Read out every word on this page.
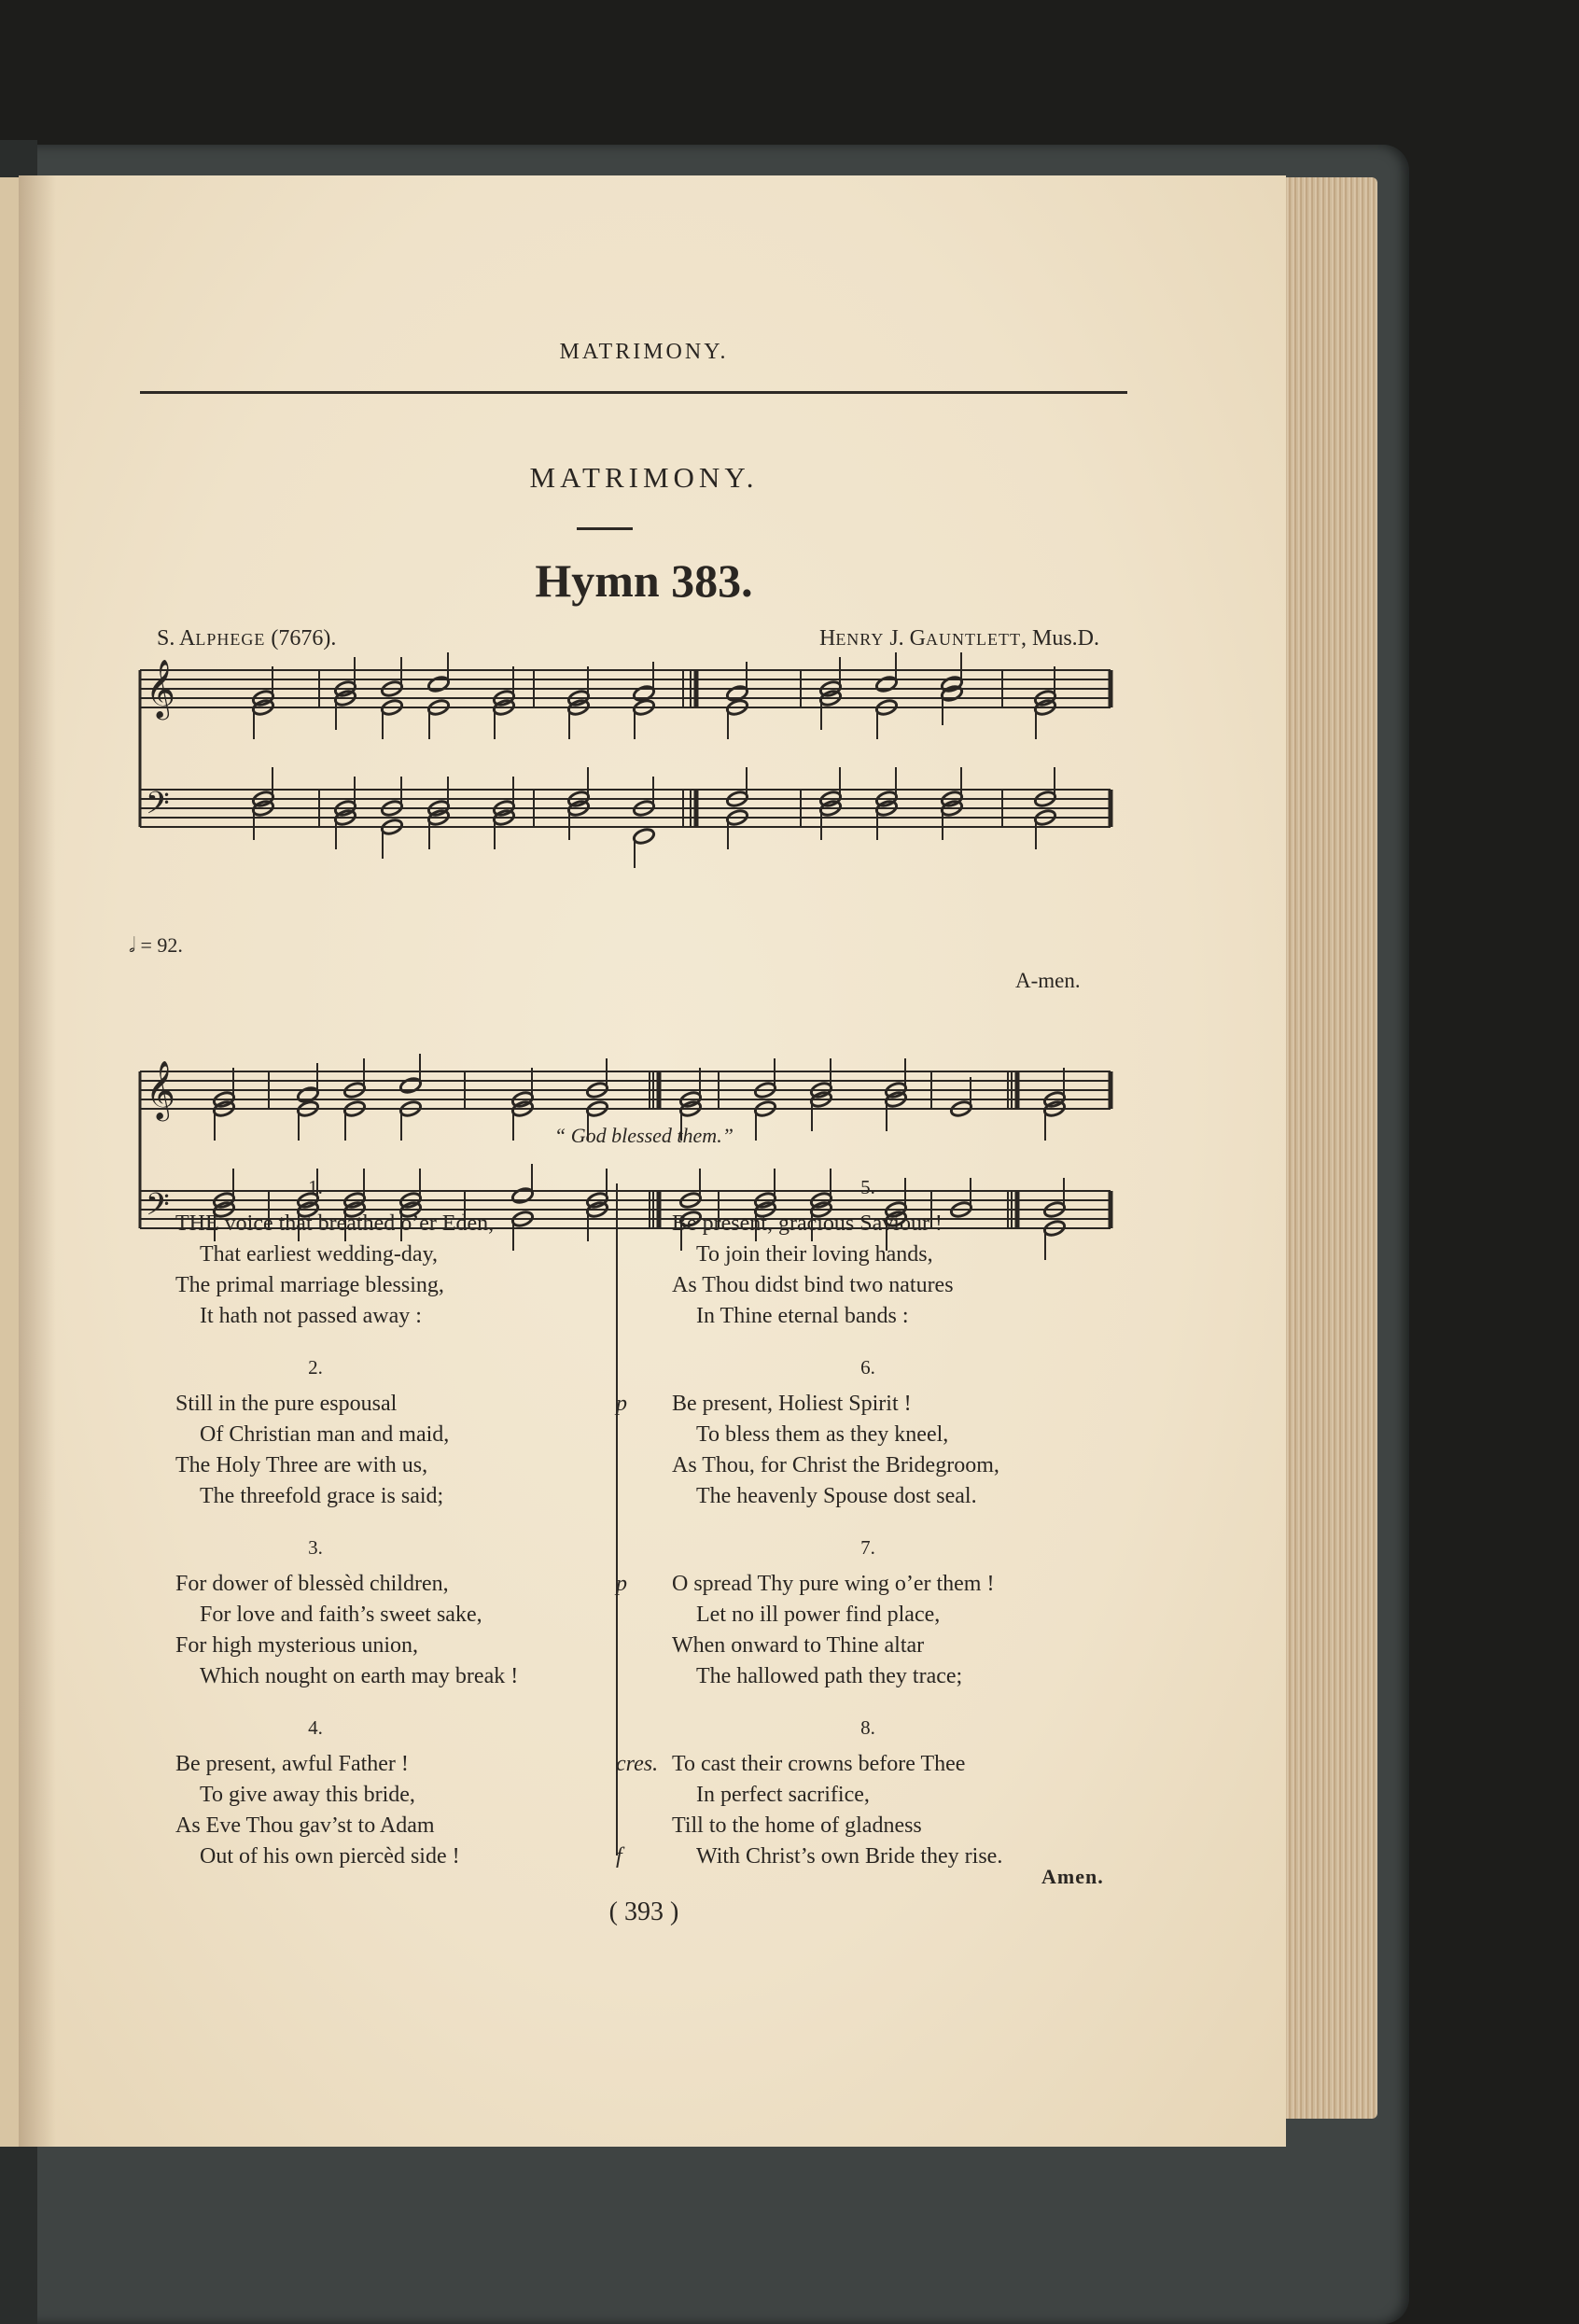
MATRIMONY.
MATRIMONY.
Hymn 383.
S. ALPHEGE (7676).	HENRY J. GAUNTLETT, Mus.D.
𝄞
𝄢
𝄞
𝄢
𝅗𝅥 = 92.
A-men.
“ God blessed them.”
1.
THE voice that breathed o’er Eden,
That earliest wedding-day,
The primal marriage blessing,
It hath not passed away :
2.
Still in the pure espousal
Of Christian man and maid,
The Holy Three are with us,
The threefold grace is said;
3.
For dower of blessèd children,
For love and faith’s sweet sake,
For high mysterious union,
Which nought on earth may break !
4.
Be present, awful Father !
To give away this bride,
As Eve Thou gav’st to Adam
Out of his own piercèd side !
5.
Be present, gracious Saviour !
To join their loving hands,
As Thou didst bind two natures
In Thine eternal bands :
6.
p Be present, Holiest Spirit !
To bless them as they kneel,
As Thou, for Christ the Bridegroom,
The heavenly Spouse dost seal.
7.
p O spread Thy pure wing o’er them !
Let no ill power find place,
When onward to Thine altar
The hallowed path they trace;
8.
cres. To cast their crowns before Thee
In perfect sacrifice,
Till to the home of gladness
f	With Christ’s own Bride they rise.
Amen.
( 393 )
